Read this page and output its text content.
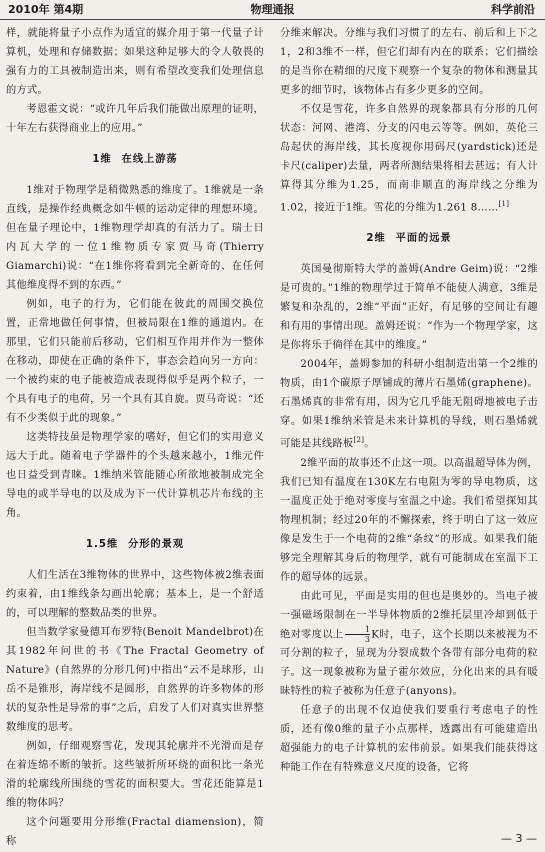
2010年 第4期	物理通报	科学前沿

样，就能将量子小点作为适宜的媒介用于第一代量子计算机，处理和存储数据；如果这种足够大的令人敬畏的强有力的工具被制造出来，则有希望改变我们处理信息的方式。

考恩霍文说：“或许几年后我们能做出原理的证明，十年左右获得商业上的应用。”

1维 在线上游荡

1维对于物理学是稍微熟悉的维度了。1维就是一条直线，是操作经典概念如牛顿的运动定律的理想环境。但在量子理论中，1维物理学却真的有活力了。瑞士日内瓦大学的一位1维物质专家贾马奇(Thierry Giamarchi)说：“在1维你将看到完全新奇的、在任何其他维度得不到的东西。”

例如，电子的行为，它们能在彼此的周围交换位置，正常地做任何事情，但被局限在1维的通道内。在那里，它们只能前后移动，它们相互作用并作为一整体在移动，即使在正确的条件下，事态会趋向另一方向：一个被约束的电子能被造成表现得似乎是两个粒子，一个具有电子的电荷，另一个具有其自旋。贾马奇说：“还有不少类似于此的现象。”

这类特技虽是物理学家的嗜好，但它们的实用意义远大于此。随着电子学器件的个头越来越小，1维元件也日益受到青睐。1维纳米管能随心所欲地被制成完全导电的或半导电的以及成为下一代计算机芯片布线的主角。

1.5维 分形的景观

人们生活在3维物体的世界中，这些物体被2维表面约束着，由1维线条勾画出轮廓；基本上，是一个舒适的，可以理解的整数品类的世界。

但当数学家曼德耳布罗特(Benoit Mandelbrot)在其1982年问世的书《The Fractal Geometry of Nature》(自然界的分形几何)中指出“云不是球形，山岳不是锥形，海岸线不是圆形，自然界的许多物体的形状的复杂性是导常的事”之后，启发了人们对真实世界整数维度的思考。

例如，仔细观察雪花，发现其轮廓并不光滑而是存在着连绵不断的皱折。这些皱折所环绕的面积比一条光滑的轮廓线所围绕的雪花的面积要大。雪花还能算是1维的物体吗？

这个问题要用分形维(Fractal diamension)，简称

分维来解决。分维与我们习惯了的左右、前后和上下之1，2和3维不一样，但它们却有内在的联系；它们描绘的是当你在精细的尺度下观察一个复杂的物体和测量其更多的细节时，该物体占有多少更多的空间。

不仅是雪花，许多自然界的现象都具有分形的几何状态：河网、港湾、分支的闪电云等等。例如，英伦三岛起伏的海岸线，其长度视你用码尺(yardstick)还是卡尺(caliper)去量，两者所测结果将相去甚远；有人计算得其分维为1.25，而南非顺直的海岸线之分维为1.02，接近于1维。雪花的分维为1.261 8……[1]

2维 平面的远景

英国曼彻斯特大学的盖姆(Andre Geim)说：“2维是可贵的。”1维的物理学过于简单不能使人满意，3维是繁复和杂乱的，2维“平面”正好，有足够的空间让有趣和有用的事情出现。盖姆还说：“作为一个物理学家，这是你将乐于徜徉在其中的维度。”

2004年，盖姆参加的科研小组制造出第一个2维的物质，由1个碳原子厚铺成的薄片石墨烯(graphene)。石墨烯真的非常有用，因为它几乎能无阻碍地被电子击穿。如果1维纳米管是未来计算机的导线，则石墨烯就可能是其线路板[2]。

2维平面的故事还不止这一项。以高温超导体为例，我们已知有温度在130K左右电阻为零的导电物质，这一温度正处于绝对零度与室温之中途。我们希望探知其物理机制；经过20年的不懈探索，终于明白了这一效应像是发生于一个电荷的2维“条纹”的形成。如果我们能够完全理解其身后的物理学，就有可能制成在室温下工作的超导体的远景。

由此可见，平面是实用的但也是奥妙的。当电子被一强磁场限制在一半导体物质的2维托层里冷却到低于绝对零度以上 $\frac{1}{3}$ K时，电子，这个长期以来被视为不可分割的粒子，显现为分裂成数个各带有部分电荷的粒子。这一现象被称为量子霍尔效应，分化出来的具有暖昧特性的粒子被称为任意子(anyons)。

任意子的出现不仅迫使我们要重行考虑电子的性质，还有像0维的量子小点那样，透露出有可能建造出超强能力的电子计算机的宏伟前景。如果我们能获得这种能工作在有特殊意义尺度的设备，它将

— 3 —
